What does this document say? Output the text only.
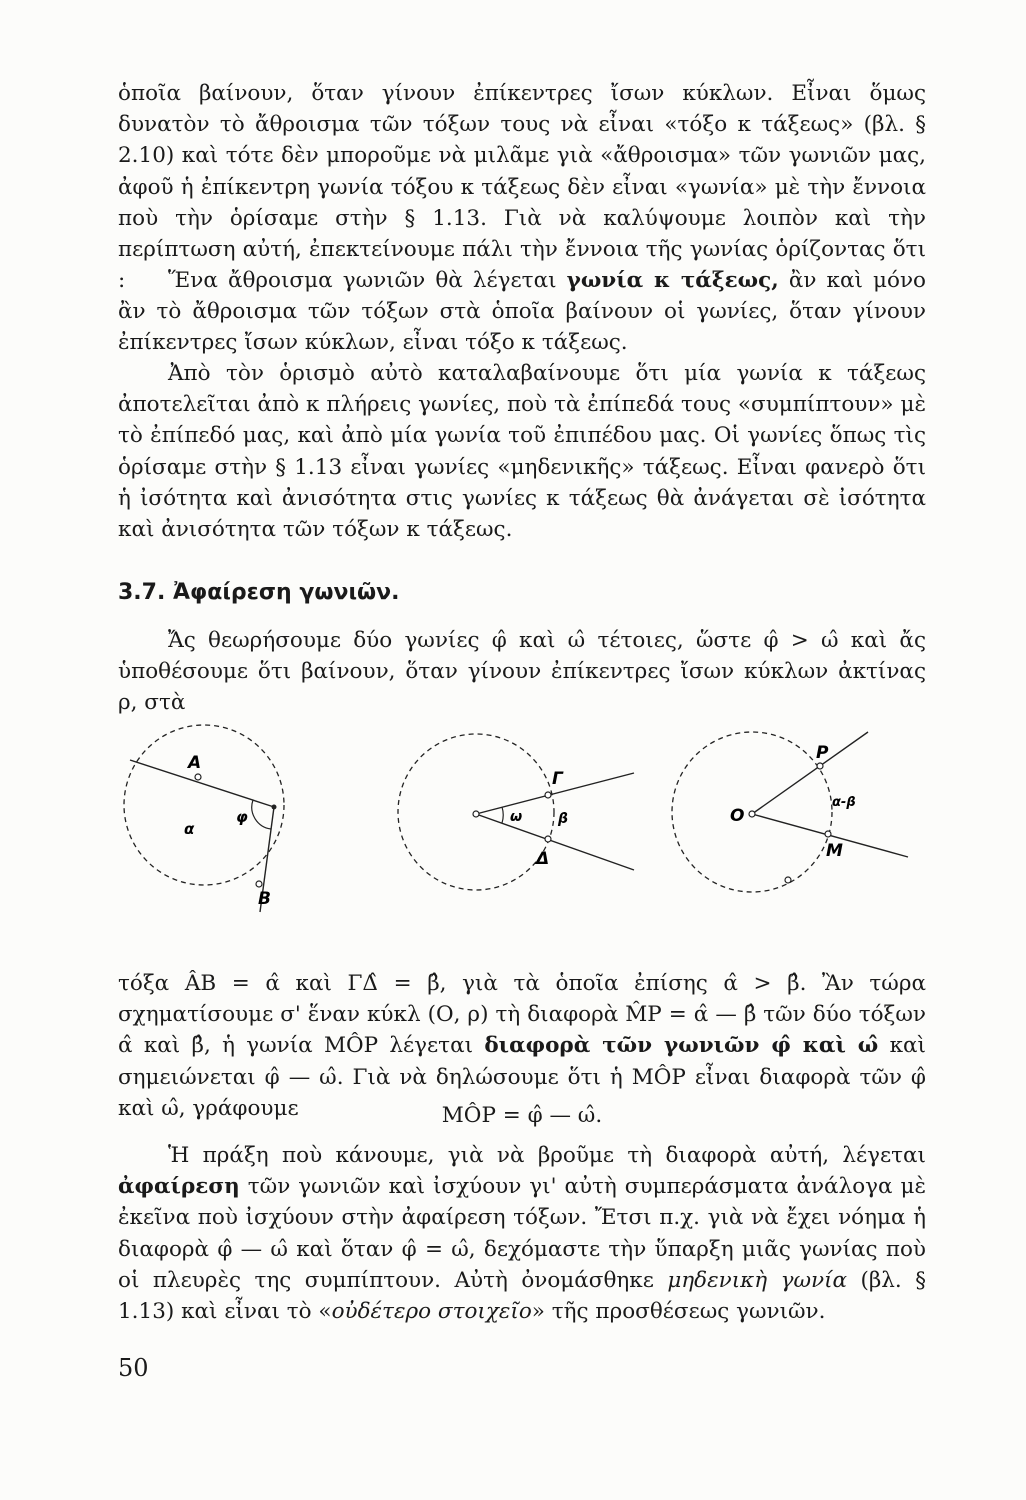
ὁποῖα βαίνουν, ὅταν γίνουν ἐπίκεντρες ἴσων κύκλων. Εἶναι ὅμως δυνατὸν τὸ ἄθροισμα τῶν τόξων τους νὰ εἶναι «τόξο κ τάξεως» (βλ. § 2.10) καὶ τότε δὲν μποροῦμε νὰ μιλᾶμε γιὰ «ἄθροισμα» τῶν γωνιῶν μας, ἀφοῦ ἡ ἐπίκεντρη γωνία τόξου κ τάξεως δὲν εἶναι «γωνία» μὲ τὴν ἔννοια ποὺ τὴν ὁρίσαμε στὴν § 1.13. Γιὰ νὰ καλύψουμε λοιπὸν καὶ τὴν περίπτωση αὐτή, ἐπεκτείνουμε πάλι τὴν ἔννοια τῆς γωνίας ὁρίζοντας ὅτι :	Ἕνα ἄθροισμα γωνιῶν θὰ λέγεται γωνία κ τάξεως, ἂν καὶ μόνο ἂν τὸ ἄθροισμα τῶν τόξων στὰ ὁποῖα βαίνουν οἱ γωνίες, ὅταν γίνουν ἐπίκεντρες ἴσων κύκλων, εἶναι τόξο κ τάξεως.

Ἀπὸ τὸν ὁρισμὸ αὐτὸ καταλαβαίνουμε ὅτι μία γωνία κ τάξεως ἀποτελεῖται ἀπὸ κ πλήρεις γωνίες, ποὺ τὰ ἐπίπεδά τους «συμπίπτουν» μὲ τὸ ἐπίπεδό μας, καὶ ἀπὸ μία γωνία τοῦ ἐπιπέδου μας. Οἱ γωνίες ὅπως τὶς ὁρίσαμε στὴν § 1.13 εἶναι γωνίες «μηδενικῆς» τάξεως. Εἶναι φανερὸ ὅτι ἡ ἰσότητα καὶ ἀνισότητα στις γωνίες κ τάξεως θὰ ἀνάγεται σὲ ἰσότητα καὶ ἀνισότητα τῶν τόξων κ τάξεως.

3.7. Ἀφαίρεση γωνιῶν.

Ἄς θεωρήσουμε δύο γωνίες φ̂ καὶ ω̂ τέτοιες, ὥστε φ̂ > ω̂ καὶ ἄς ὑποθέσουμε ὅτι βαίνουν, ὅταν γίνουν ἐπίκεντρες ἴσων κύκλων ἀκτίνας ρ, στὰ

A
B
α
φ
Γ
Δ
ω	β	O
P
M
α-β

τόξα ÂB = α̂ καὶ ΓΔ̂ = β̂, γιὰ τὰ ὁποῖα ἐπίσης α̂ > β̂. Ἂν τώρα σχηματίσουμε σ' ἕναν κύκλ (Ο, ρ) τὴ διαφορὰ M̂P = α̂ — β̂ τῶν δύο τόξων α̂ καὶ β̂, ἡ γωνία MÔP λέγεται διαφορὰ τῶν γωνιῶν φ̂ καὶ ω̂ καὶ σημειώνεται φ̂ — ω̂. Γιὰ νὰ δηλώσουμε ὅτι ἡ MÔP εἶναι διαφορὰ τῶν φ̂ καὶ ω̂, γράφουμε	MÔP = φ̂ — ω̂.

Ἡ πράξη ποὺ κάνουμε, γιὰ νὰ βροῦμε τὴ διαφορὰ αὐτή, λέγεται ἀφαίρεση τῶν γωνιῶν καὶ ἰσχύουν γι' αὐτὴ συμπεράσματα ἀνάλογα μὲ ἐκεῖνα ποὺ ἰσχύουν στὴν ἀφαίρεση τόξων. Ἔτσι π.χ. γιὰ νὰ ἔχει νόημα ἡ διαφορὰ φ̂ — ω̂ καὶ ὅταν φ̂ = ω̂, δεχόμαστε τὴν ὕπαρξη μιᾶς γωνίας ποὺ οἱ πλευρὲς της συμπίπτουν. Αὐτὴ ὀνομάσθηκε μηδενικὴ γωνία (βλ. § 1.13) καὶ εἶναι τὸ «οὐδέτερο στοιχεῖο» τῆς προσθέσεως γωνιῶν.

50
